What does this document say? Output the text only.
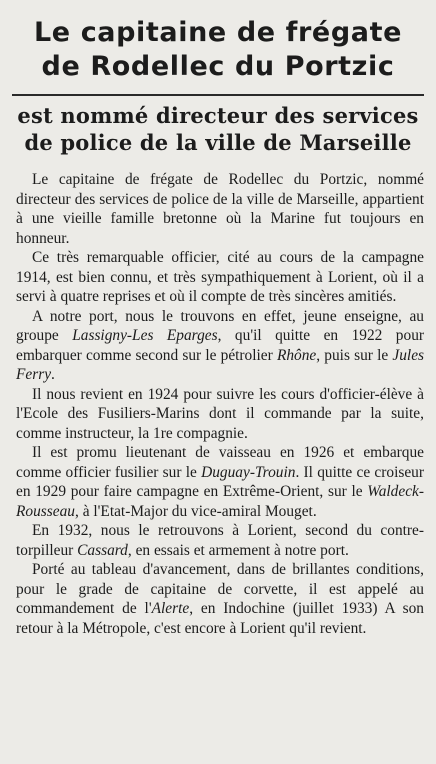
Le capitaine de frégate
de Rodellec du Portzic
est nommé directeur des services
de police de la ville de Marseille

Le capitaine de frégate de Rodellec du Portzic, nommé directeur des services de police de la ville de Marseille, appartient à une vieille famille bretonne où la Marine fut toujours en honneur.

Ce très remarquable officier, cité au cours de la campagne 1914, est bien connu, et très sympathiquement à Lorient, où il a servi à quatre reprises et où il compte de très sincères amitiés.

A notre port, nous le trouvons en effet, jeune enseigne, au groupe Lassigny-Les Eparges, qu'il quitte en 1922 pour embarquer comme second sur le pétrolier Rhône, puis sur le Jules Ferry.

Il nous revient en 1924 pour suivre les cours d'officier-élève à l'Ecole des Fusiliers-Marins dont il commande par la suite, comme instructeur, la 1re compagnie.

Il est promu lieutenant de vaisseau en 1926 et embarque comme officier fusilier sur le Duguay-Trouin. Il quitte ce croiseur en 1929 pour faire campagne en Extrême-Orient, sur le Waldeck-Rousseau, à l'Etat-Major du vice-amiral Mouget.

En 1932, nous le retrouvons à Lorient, second du contre-torpilleur Cassard, en essais et armement à notre port.

Porté au tableau d'avancement, dans de brillantes conditions, pour le grade de capitaine de corvette, il est appelé au commandement de l'Alerte, en Indochine (juillet 1933) A son retour à la Métropole, c'est encore à Lorient qu'il revient.
